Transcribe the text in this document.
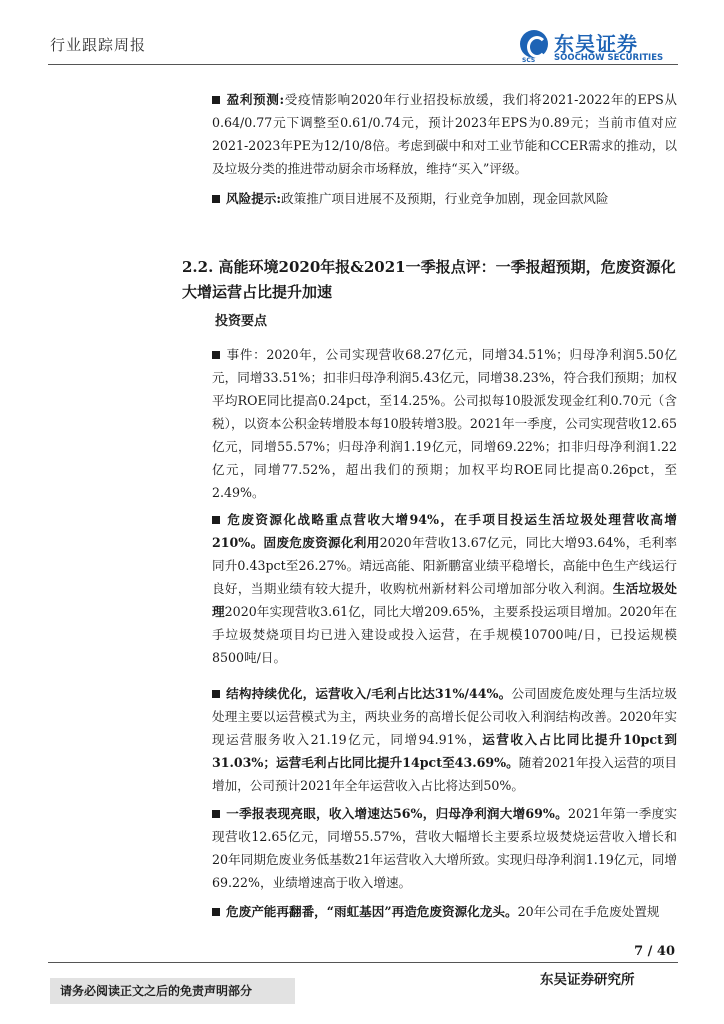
行业跟踪周报
SCS
东吴证券
SOOCHOW SECURITIES
盈利预测:受疫情影响2020年行业招投标放缓，我们将2021-2022年的EPS从0.64/0.77元下调整至0.61/0.74元，预计2023年EPS为0.89元；当前市值对应2021-2023年PE为12/10/8倍。考虑到碳中和对工业节能和CCER需求的推动，以及垃圾分类的推进带动厨余市场释放，维持“买入”评级。
风险提示:政策推广项目进展不及预期，行业竞争加剧，现金回款风险
2.2. 高能环境2020年报&2021一季报点评：一季报超预期，危废资源化大增运营占比提升加速
投资要点
事件：2020年，公司实现营收68.27亿元，同增34.51%；归母净利润5.50亿元，同增33.51%；扣非归母净利润5.43亿元，同增38.23%，符合我们预期；加权平均ROE同比提高0.24pct，至14.25%。公司拟每10股派发现金红利0.70元（含税），以资本公积金转增股本每10股转增3股。2021年一季度，公司实现营收12.65亿元，同增55.57%；归母净利润1.19亿元，同增69.22%；扣非归母净利润1.22亿元，同增77.52%，超出我们的预期；加权平均ROE同比提高0.26pct，至2.49%。
危废资源化战略重点营收大增94%，在手项目投运生活垃圾处理营收高增210%。固废危废资源化利用2020年营收13.67亿元，同比大增93.64%，毛利率同升0.43pct至26.27%。靖远高能、阳新鹏富业绩平稳增长，高能中色生产线运行良好，当期业绩有较大提升，收购杭州新材料公司增加部分收入利润。生活垃圾处理2020年实现营收3.61亿，同比大增209.65%，主要系投运项目增加。2020年在手垃圾焚烧项目均已进入建设或投入运营，在手规模10700吨/日，已投运规模8500吨/日。
结构持续优化，运营收入/毛利占比达31%/44%。公司固废危废处理与生活垃圾处理主要以运营模式为主，两块业务的高增长促公司收入利润结构改善。2020年实现运营服务收入21.19亿元，同增94.91%，运营收入占比同比提升10pct到31.03%；运营毛利占比同比提升14pct至43.69%。随着2021年投入运营的项目增加，公司预计2021年全年运营收入占比将达到50%。
一季报表现亮眼，收入增速达56%，归母净利润大增69%。2021年第一季度实现营收12.65亿元，同增55.57%，营收大幅增长主要系垃圾焚烧运营收入增长和20年同期危废业务低基数21年运营收入大增所致。实现归母净利润1.19亿元，同增69.22%，业绩增速高于收入增速。
危废产能再翻番，“雨虹基因”再造危废资源化龙头。20年公司在手危废处置规
7 / 40
东吴证券研究所
请务必阅读正文之后的免责声明部分
